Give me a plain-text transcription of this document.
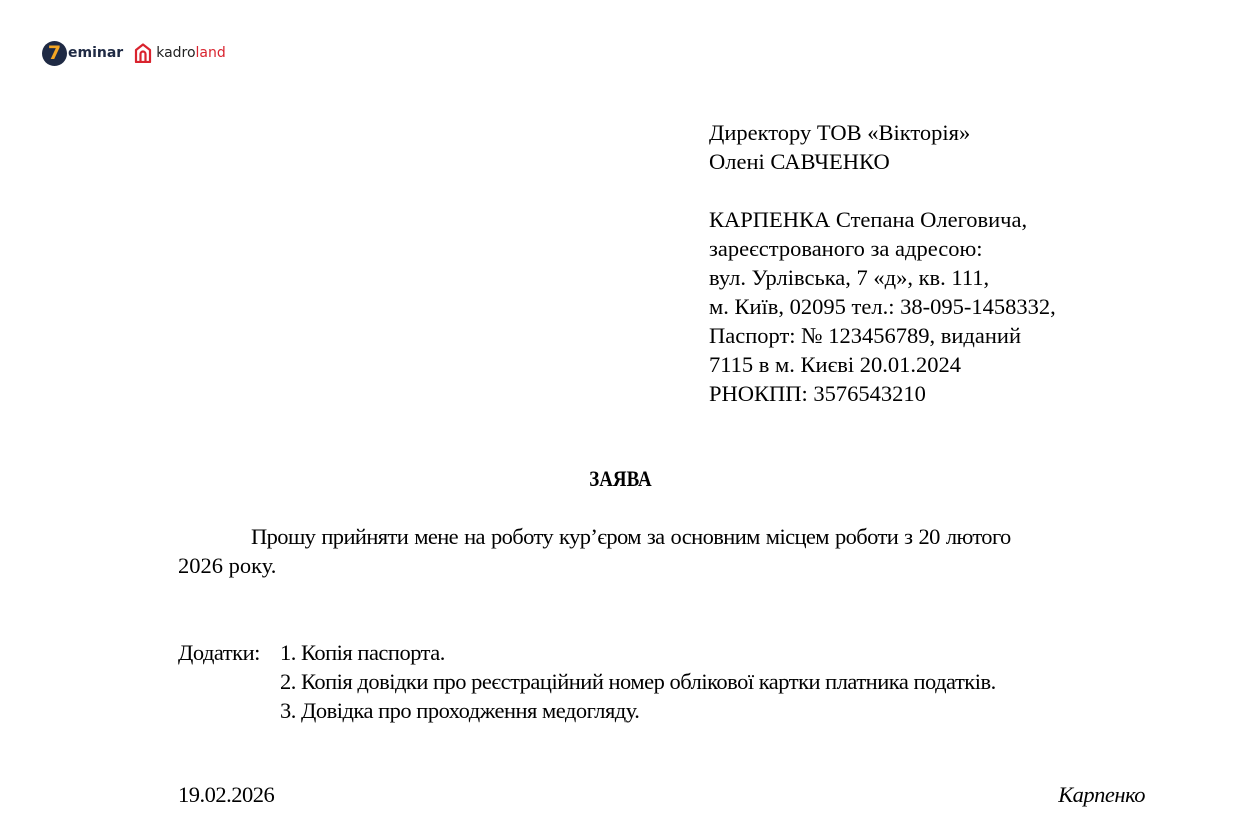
7 eminar kadro land
Директору ТОВ «Вікторія»
Олені САВЧЕНКО
КАРПЕНКА Степана Олеговича,
зареєстрованого за адресою:
вул. Урлівська, 7 «д», кв. 111,
м. Київ, 02095 тел.: 38-095-1458332,
Паспорт: № 123456789, виданий
7115 в м. Києві 20.01.2024
РНОКПП: 3576543210
ЗАЯВА
Прошу прийняти мене на роботу кур’єром за основним місцем роботи з 20 лютого
2026 року.
Додатки: 1. Копія паспорта.
2. Копія довідки про реєстраційний номер облікової картки платника податків.
3. Довідка про проходження медогляду.
19.02.2026	Карпенко
